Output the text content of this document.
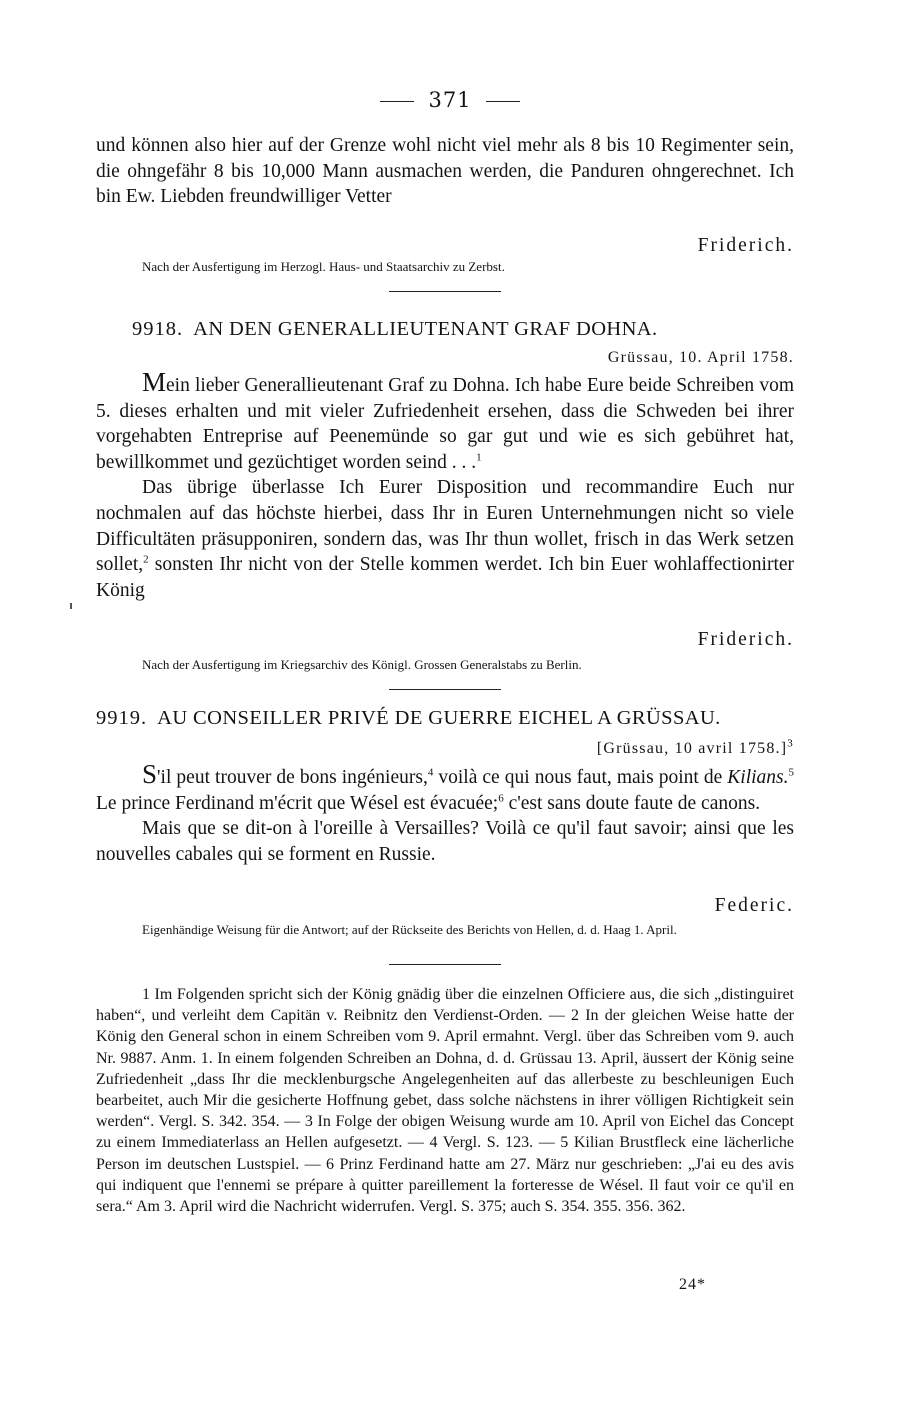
371

und können also hier auf der Grenze wohl nicht viel mehr als 8 bis 10 Regimenter sein, die ohngefähr 8 bis 10,000 Mann ausmachen werden, die Panduren ohngerechnet. Ich bin Ew. Liebden freundwilliger Vetter

Friderich.
Nach der Ausfertigung im Herzogl. Haus- und Staatsarchiv zu Zerbst.
9918. AN DEN GENERALLIEUTENANT GRAF DOHNA.
Grüssau, 10. April 1758.

Mein lieber Generallieutenant Graf zu Dohna. Ich habe Eure beide Schreiben vom 5. dieses erhalten und mit vieler Zufriedenheit ersehen, dass die Schweden bei ihrer vorgehabten Entreprise auf Peenemünde so gar gut und wie es sich gebühret hat, bewillkommet und gezüchtiget worden seind . . .$^1$

Das übrige überlasse Ich Eurer Disposition und recommandire Euch nur nochmalen auf das höchste hierbei, dass Ihr in Euren Unternehmungen nicht so viele Difficultäten präsupponiren, sondern das, was Ihr thun wollet, frisch in das Werk setzen sollet,$^2$ sonsten Ihr nicht von der Stelle kommen werdet. Ich bin Euer wohlaffectionirter König

Friderich.
Nach der Ausfertigung im Kriegsarchiv des Königl. Grossen Generalstabs zu Berlin.
9919. AU CONSEILLER PRIVÉ DE GUERRE EICHEL A GRÜSSAU.
[Grüssau, 10 avril 1758.]$^3$

S'il peut trouver de bons ingénieurs,$^4$ voilà ce qui nous faut, mais point de Kilians.$^5$ Le prince Ferdinand m'écrit que Wésel est évacuée;$^6$ c'est sans doute faute de canons.

Mais que se dit-on à l'oreille à Versailles? Voilà ce qu'il faut savoir; ainsi que les nouvelles cabales qui se forment en Russie.

Federic.
Eigenhändige Weisung für die Antwort; auf der Rückseite des Berichts von Hellen, d. d. Haag 1. April.

1 Im Folgenden spricht sich der König gnädig über die einzelnen Officiere aus, die sich „distinguiret haben“, und verleiht dem Capitän v. Reibnitz den Verdienst-Orden. — 2 In der gleichen Weise hatte der König den General schon in einem Schreiben vom 9. April ermahnt. Vergl. über das Schreiben vom 9. auch Nr. 9887. Anm. 1. In einem folgenden Schreiben an Dohna, d. d. Grüssau 13. April, äussert der König seine Zufriedenheit „dass Ihr die mecklenburgsche Angelegenheiten auf das allerbeste zu beschleunigen Euch bearbeitet, auch Mir die gesicherte Hoffnung gebet, dass solche nächstens in ihrer völligen Richtigkeit sein werden“. Vergl. S. 342. 354. — 3 In Folge der obigen Weisung wurde am 10. April von Eichel das Concept zu einem Immediaterlass an Hellen aufgesetzt. — 4 Vergl. S. 123. — 5 Kilian Brustfleck eine lächerliche Person im deutschen Lustspiel. — 6 Prinz Ferdinand hatte am 27. März nur geschrieben: „J'ai eu des avis qui indiquent que l'ennemi se prépare à quitter pareillement la forteresse de Wésel. Il faut voir ce qu'il en sera.“ Am 3. April wird die Nachricht widerrufen. Vergl. S. 375; auch S. 354. 355. 356. 362.

24*
